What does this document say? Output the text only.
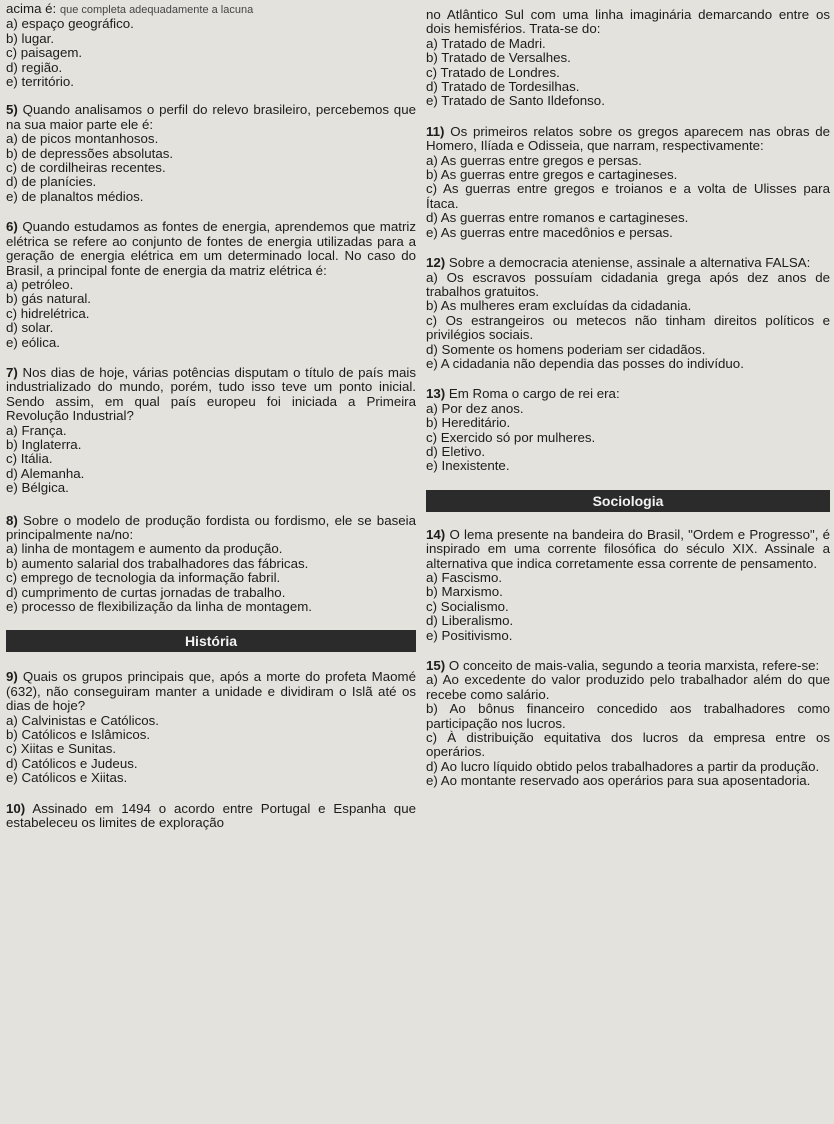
acima é: que completa adequadamente a lacuna

a) espaço geográfico.

b) lugar.

c) paisagem.

d) região.

e) território.

5) Quando analisamos o perfil do relevo brasileiro, percebemos que na sua maior parte ele é:

a) de picos montanhosos.

b) de depressões absolutas.

c) de cordilheiras recentes.

d) de planícies.

e) de planaltos médios.

6) Quando estudamos as fontes de energia, aprendemos que matriz elétrica se refere ao conjunto de fontes de energia utilizadas para a geração de energia elétrica em um determinado local. No caso do Brasil, a principal fonte de energia da matriz elétrica é:

a) petróleo.

b) gás natural.

c) hidrelétrica.

d) solar.

e) eólica.

7) Nos dias de hoje, várias potências disputam o título de país mais industrializado do mundo, porém, tudo isso teve um ponto inicial. Sendo assim, em qual país europeu foi iniciada a Primeira Revolução Industrial?

a) França.

b) Inglaterra.

c) Itália.

d) Alemanha.

e) Bélgica.

8) Sobre o modelo de produção fordista ou fordismo, ele se baseia principalmente na/no:

a) linha de montagem e aumento da produção.

b) aumento salarial dos trabalhadores das fábricas.

c) emprego de tecnologia da informação fabril.

d) cumprimento de curtas jornadas de trabalho.

e) processo de flexibilização da linha de montagem.

História

9) Quais os grupos principais que, após a morte do profeta Maomé (632), não conseguiram manter a unidade e dividiram o Islã até os dias de hoje?

a) Calvinistas e Católicos.

b) Católicos e Islâmicos.

c) Xiitas e Sunitas.

d) Católicos e Judeus.

e) Católicos e Xiitas.

10) Assinado em 1494 o acordo entre Portugal e Espanha que estabeleceu os limites de exploração

no Atlântico Sul com uma linha imaginária demarcando entre os dois hemisférios. Trata-se do:

a) Tratado de Madri.

b) Tratado de Versalhes.

c) Tratado de Londres.

d) Tratado de Tordesilhas.

e) Tratado de Santo Ildefonso.

11) Os primeiros relatos sobre os gregos aparecem nas obras de Homero, Ilíada e Odisseia, que narram, respectivamente:

a) As guerras entre gregos e persas.

b) As guerras entre gregos e cartagineses.

c) As guerras entre gregos e troianos e a volta de Ulisses para Ítaca.

d) As guerras entre romanos e cartagineses.

e) As guerras entre macedônios e persas.

12) Sobre a democracia ateniense, assinale a alternativa FALSA:

a) Os escravos possuíam cidadania grega após dez anos de trabalhos gratuitos.

b) As mulheres eram excluídas da cidadania.

c) Os estrangeiros ou metecos não tinham direitos políticos e privilégios sociais.

d) Somente os homens poderiam ser cidadãos.

e) A cidadania não dependia das posses do indivíduo.

13) Em Roma o cargo de rei era:

a) Por dez anos.

b) Hereditário.

c) Exercido só por mulheres.

d) Eletivo.

e) Inexistente.

Sociologia

14) O lema presente na bandeira do Brasil, "Ordem e Progresso", é inspirado em uma corrente filosófica do século XIX. Assinale a alternativa que indica corretamente essa corrente de pensamento.

a) Fascismo.

b) Marxismo.

c) Socialismo.

d) Liberalismo.

e) Positivismo.

15) O conceito de mais-valia, segundo a teoria marxista, refere-se:

a) Ao excedente do valor produzido pelo trabalhador além do que recebe como salário.

b) Ao bônus financeiro concedido aos trabalhadores como participação nos lucros.

c) À distribuição equitativa dos lucros da empresa entre os operários.

d) Ao lucro líquido obtido pelos trabalhadores a partir da produção.

e) Ao montante reservado aos operários para sua aposentadoria.
